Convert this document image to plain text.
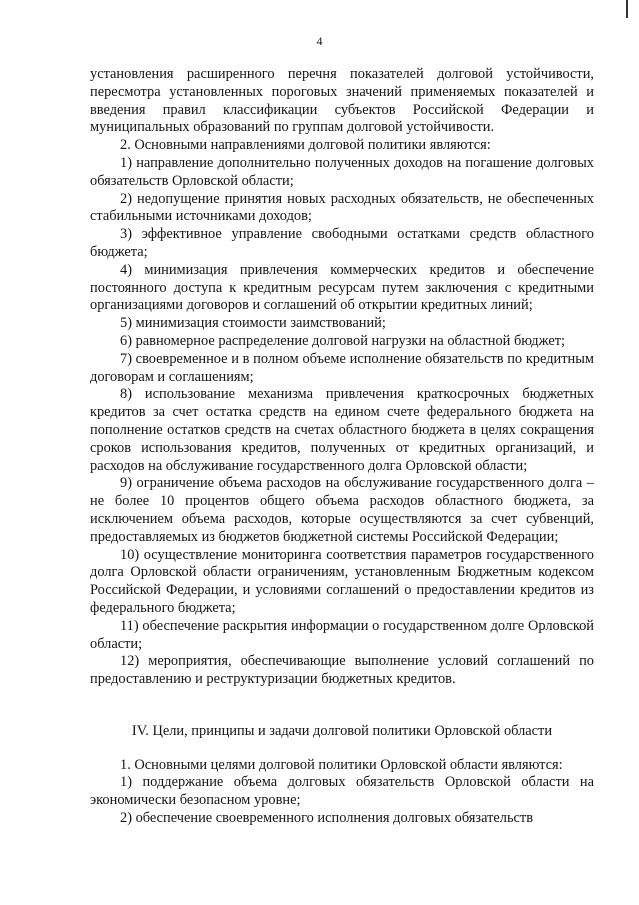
4

установления расширенного перечня показателей долговой устойчивости, пересмотра установленных пороговых значений применяемых показателей и введения правил классификации субъектов Российской Федерации и муниципальных образований по группам долговой устойчивости.

2. Основными направлениями долговой политики являются:

1) направление дополнительно полученных доходов на погашение долговых обязательств Орловской области;

2) недопущение принятия новых расходных обязательств, не обеспеченных стабильными источниками доходов;

3) эффективное управление свободными остатками средств областного бюджета;

4) минимизация привлечения коммерческих кредитов и обеспечение постоянного доступа к кредитным ресурсам путем заключения с кредитными организациями договоров и соглашений об открытии кредитных линий;

5) минимизация стоимости заимствований;

6) равномерное распределение долговой нагрузки на областной бюджет;

7) своевременное и в полном объеме исполнение обязательств по кредитным договорам и соглашениям;

8) использование механизма привлечения краткосрочных бюджетных кредитов за счет остатка средств на едином счете федерального бюджета на пополнение остатков средств на счетах областного бюджета в целях сокращения сроков использования кредитов, полученных от кредитных организаций, и расходов на обслуживание государственного долга Орловской области;

9) ограничение объема расходов на обслуживание государственного долга – не более 10 процентов общего объема расходов областного бюджета, за исключением объема расходов, которые осуществляются за счет субвенций, предоставляемых из бюджетов бюджетной системы Российской Федерации;

10) осуществление мониторинга соответствия параметров государственного долга Орловской области ограничениям, установленным Бюджетным кодексом Российской Федерации, и условиями соглашений о предоставлении кредитов из федерального бюджета;

11) обеспечение раскрытия информации о государственном долге Орловской области;

12) мероприятия, обеспечивающие выполнение условий соглашений по предоставлению и реструктуризации бюджетных кредитов.

IV. Цели, принципы и задачи долговой политики Орловской области

1. Основными целями долговой политики Орловской области являются:

1) поддержание объема долговых обязательств Орловской области на экономически безопасном уровне;

2) обеспечение своевременного исполнения долговых обязательств
